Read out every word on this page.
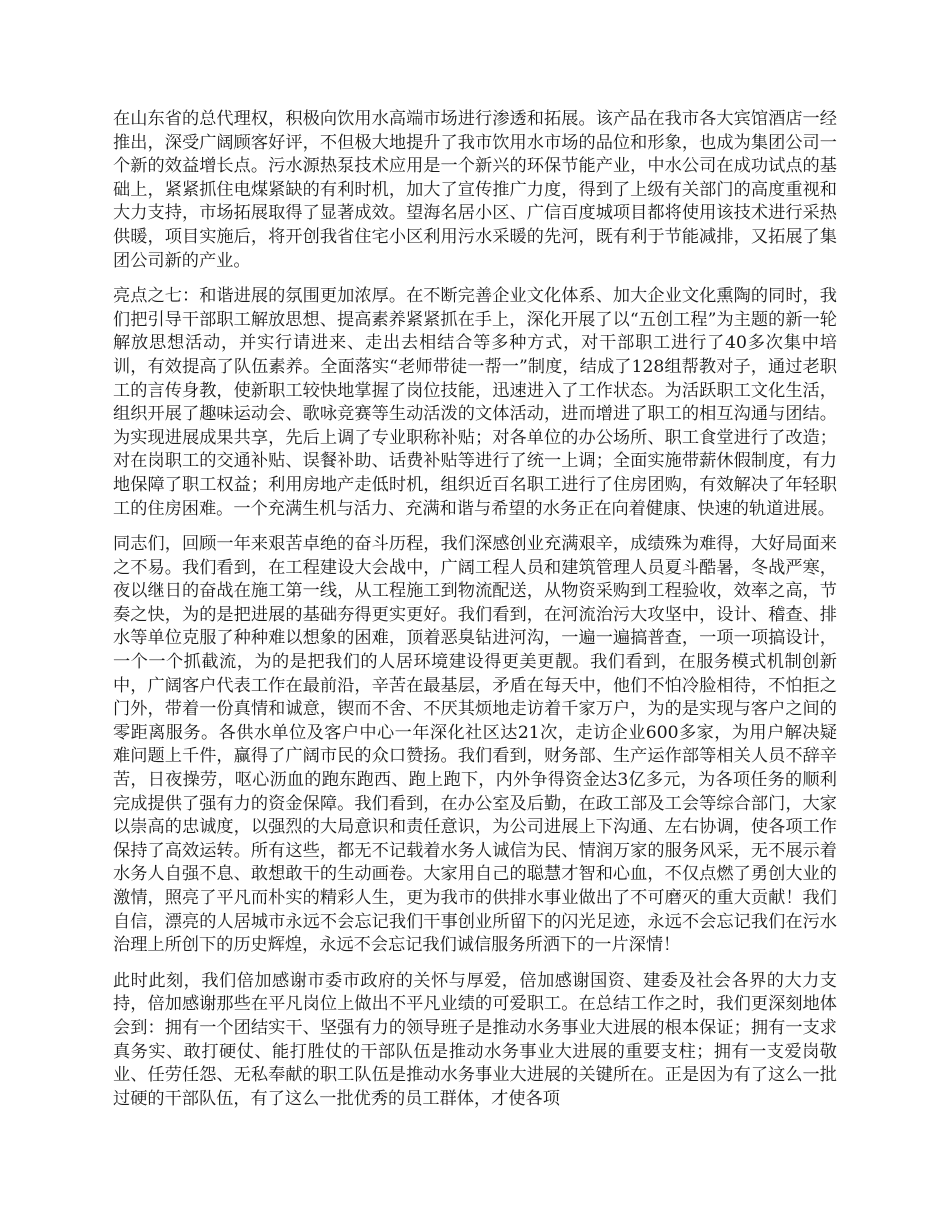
在山东省的总代理权，积极向饮用水高端市场进行渗透和拓展。该产品在我市各大宾馆酒店一经推出，深受广阔顾客好评，不但极大地提升了我市饮用水市场的品位和形象，也成为集团公司一个新的效益增长点。污水源热泵技术应用是一个新兴的环保节能产业，中水公司在成功试点的基础上，紧紧抓住电煤紧缺的有利时机，加大了宣传推广力度，得到了上级有关部门的高度重视和大力支持，市场拓展取得了显著成效。望海名居小区、广信百度城项目都将使用该技术进行采热供暖，项目实施后，将开创我省住宅小区利用污水采暖的先河，既有利于节能减排，又拓展了集团公司新的产业。

亮点之七：和谐进展的氛围更加浓厚。在不断完善企业文化体系、加大企业文化熏陶的同时，我们把引导干部职工解放思想、提高素养紧紧抓在手上，深化开展了以“五创工程”为主题的新一轮解放思想活动，并实行请进来、走出去相结合等多种方式，对干部职工进行了40多次集中培训，有效提高了队伍素养。全面落实“老师带徒一帮一”制度，结成了128组帮教对子，通过老职工的言传身教，使新职工较快地掌握了岗位技能，迅速进入了工作状态。为活跃职工文化生活，组织开展了趣味运动会、歌咏竞赛等生动活泼的文体活动，进而增进了职工的相互沟通与团结。为实现进展成果共享，先后上调了专业职称补贴；对各单位的办公场所、职工食堂进行了改造；对在岗职工的交通补贴、误餐补助、话费补贴等进行了统一上调；全面实施带薪休假制度，有力地保障了职工权益；利用房地产走低时机，组织近百名职工进行了住房团购，有效解决了年轻职工的住房困难。一个充满生机与活力、充满和谐与希望的水务正在向着健康、快速的轨道进展。

同志们，回顾一年来艰苦卓绝的奋斗历程，我们深感创业充满艰辛，成绩殊为难得，大好局面来之不易。我们看到，在工程建设大会战中，广阔工程人员和建筑管理人员夏斗酷暑，冬战严寒，夜以继日的奋战在施工第一线，从工程施工到物流配送，从物资采购到工程验收，效率之高，节奏之快，为的是把进展的基础夯得更实更好。我们看到，在河流治污大攻坚中，设计、稽查、排水等单位克服了种种难以想象的困难，顶着恶臭钻进河沟，一遍一遍搞普查，一项一项搞设计，一个一个抓截流，为的是把我们的人居环境建设得更美更靓。我们看到，在服务模式机制创新中，广阔客户代表工作在最前沿，辛苦在最基层，矛盾在每天中，他们不怕冷脸相待，不怕拒之门外，带着一份真情和诚意，锲而不舍、不厌其烦地走访着千家万户，为的是实现与客户之间的零距离服务。各供水单位及客户中心一年深化社区达21次，走访企业600多家，为用户解决疑难问题上千件，赢得了广阔市民的众口赞扬。我们看到，财务部、生产运作部等相关人员不辞辛苦，日夜操劳，呕心沥血的跑东跑西、跑上跑下，内外争得资金达3亿多元，为各项任务的顺利完成提供了强有力的资金保障。我们看到，在办公室及后勤，在政工部及工会等综合部门，大家以崇高的忠诚度，以强烈的大局意识和责任意识，为公司进展上下沟通、左右协调，使各项工作保持了高效运转。所有这些，都无不记载着水务人诚信为民、情润万家的服务风采，无不展示着水务人自强不息、敢想敢干的生动画卷。大家用自己的聪慧才智和心血，不仅点燃了勇创大业的激情，照亮了平凡而朴实的精彩人生，更为我市的供排水事业做出了不可磨灭的重大贡献！我们自信，漂亮的人居城市永远不会忘记我们干事创业所留下的闪光足迹，永远不会忘记我们在污水治理上所创下的历史辉煌，永远不会忘记我们诚信服务所洒下的一片深情！

此时此刻，我们倍加感谢市委市政府的关怀与厚爱，倍加感谢国资、建委及社会各界的大力支持，倍加感谢那些在平凡岗位上做出不平凡业绩的可爱职工。在总结工作之时，我们更深刻地体会到：拥有一个团结实干、坚强有力的领导班子是推动水务事业大进展的根本保证；拥有一支求真务实、敢打硬仗、能打胜仗的干部队伍是推动水务事业大进展的重要支柱；拥有一支爱岗敬业、任劳任怨、无私奉献的职工队伍是推动水务事业大进展的关键所在。正是因为有了这么一批过硬的干部队伍，有了这么一批优秀的员工群体，才使各项
